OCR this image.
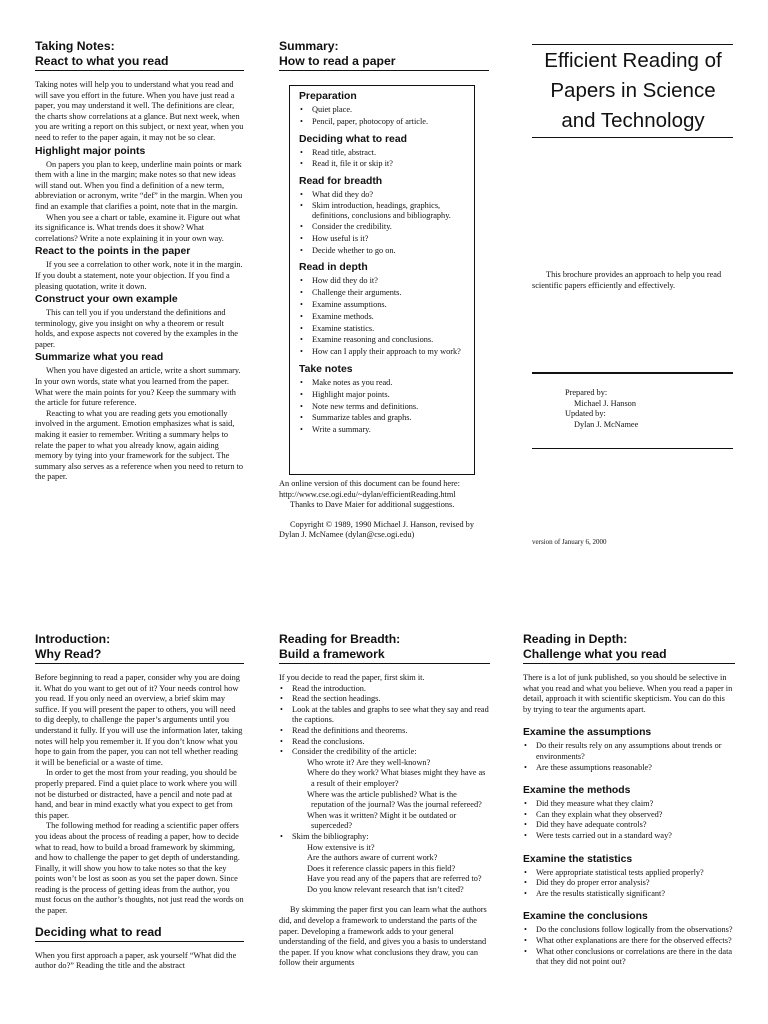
Taking Notes:
React to what you read

Taking notes will help you to understand what you read and will save you effort in the future. When you have just read a paper, you may understand it well. The definitions are clear, the charts show correlations at a glance. But next week, when you are writing a report on this subject, or next year, when you need to refer to the paper again, it may not be so clear.

Highlight major points

On papers you plan to keep, underline main points or mark them with a line in the margin; make notes so that new ideas will stand out. When you find a definition of a new term, abbreviation or acronym, write “def” in the margin. When you find an example that clarifies a point, note that in the margin.

When you see a chart or table, examine it. Figure out what its significance is. What trends does it show? What correlations? Write a note explaining it in your own way.

React to the points in the paper

If you see a correlation to other work, note it in the margin. If you doubt a statement, note your objection. If you find a pleasing quotation, write it down.

Construct your own example

This can tell you if you understand the definitions and terminology, give you insight on why a theorem or result holds, and expose aspects not covered by the examples in the paper.

Summarize what you read

When you have digested an article, write a short summary. In your own words, state what you learned from the paper. What were the main points for you? Keep the summary with the article for future reference.

Reacting to what you are reading gets you emotionally involved in the argument. Emotion emphasizes what is said, making it easier to remember. Writing a summary helps to relate the paper to what you already know, again aiding memory by tying into your framework for the subject. The summary also serves as a reference when you need to return to the paper.

Summary:
How to read a paper
Preparation
• Quiet place.
• Pencil, paper, photocopy of article.
Deciding what to read
• Read title, abstract.
• Read it, file it or skip it?
Read for breadth
• What did they do?
• Skim introduction, headings, graphics, definitions, conclusions and bibliography.
• Consider the credibility.
• How useful is it?
• Decide whether to go on.
Read in depth
• How did they do it?
• Challenge their arguments.
• Examine assumptions.
• Examine methods.
• Examine statistics.
• Examine reasoning and conclusions.
• How can I apply their approach to my work?
Take notes
• Make notes as you read.
• Highlight major points.
• Note new terms and definitions.
• Summarize tables and graphs.
• Write a summary.

An online version of this document can be found here: http://www.cse.ogi.edu/~dylan/efficientReading.html

Thanks to Dave Maier for additional suggestions.

Copyright © 1989, 1990 Michael J. Hanson, revised by Dylan J. McNamee (dylan@cse.ogi.edu)

Efficient Reading of
Papers in Science
and Technology

This brochure provides an approach to help you read scientific papers efficiently and effectively.

Prepared by:
Michael J. Hanson
Updated by:
Dylan J. McNamee
version of January 6, 2000
Introduction:
Why Read?

Before beginning to read a paper, consider why you are doing it. What do you want to get out of it? Your needs control how you read. If you only need an overview, a brief skim may suffice. If you will present the paper to others, you will need to dig deeply, to challenge the paper’s arguments until you understand it fully. If you will use the information later, taking notes will help you remember it. If you don’t know what you hope to gain from the paper, you can not tell whether reading it will be beneficial or a waste of time.

In order to get the most from your reading, you should be properly prepared. Find a quiet place to work where you will not be disturbed or distracted, have a pencil and note pad at hand, and bear in mind exactly what you expect to get from this paper.

The following method for reading a scientific paper offers you ideas about the process of reading a paper, how to decide what to read, how to build a broad framework by skimming, and how to challenge the paper to get depth of understanding. Finally, it will show you how to take notes so that the key points won’t be lost as soon as you set the paper down. Since reading is the process of getting ideas from the author, you must focus on the author’s thoughts, not just read the words on the paper.

Deciding what to read

When you first approach a paper, ask yourself “What did the author do?” Reading the title and the abstract

Reading for Breadth:
Build a framework

If you decide to read the paper, first skim it.

• Read the introduction.
• Read the section headings.
• Look at the tables and graphs to see what they say and read the captions.
• Read the definitions and theorems.
• Read the conclusions.
• Consider the credibility of the article:
Who wrote it? Are they well-known?
Where do they work? What biases might they have as a result of their employer?
Where was the article published? What is the reputation of the journal? Was the journal refereed?
When was it written? Might it be outdated or superceded?
• Skim the bibliography:
How extensive is it?
Are the authors aware of current work?
Does it reference classic papers in this field?
Have you read any of the papers that are referred to?
Do you know relevant research that isn’t cited?

By skimming the paper first you can learn what the authors did, and develop a framework to understand the parts of the paper. Developing a framework adds to your general understanding of the field, and gives you a basis to understand the paper. If you know what conclusions they draw, you can follow their arguments

Reading in Depth:
Challenge what you read

There is a lot of junk published, so you should be selective in what you read and what you believe. When you read a paper in detail, approach it with scientific skepticism. You can do this by trying to tear the arguments apart.

Examine the assumptions
• Do their results rely on any assumptions about trends or environments?
• Are these assumptions reasonable?
Examine the methods
• Did they measure what they claim?
• Can they explain what they observed?
• Did they have adequate controls?
• Were tests carried out in a standard way?
Examine the statistics
• Were appropriate statistical tests applied properly?
• Did they do proper error analysis?
• Are the results statistically significant?
Examine the conclusions
• Do the conclusions follow logically from the observations?
• What other explanations are there for the observed effects?
• What other conclusions or correlations are there in the data that they did not point out?
